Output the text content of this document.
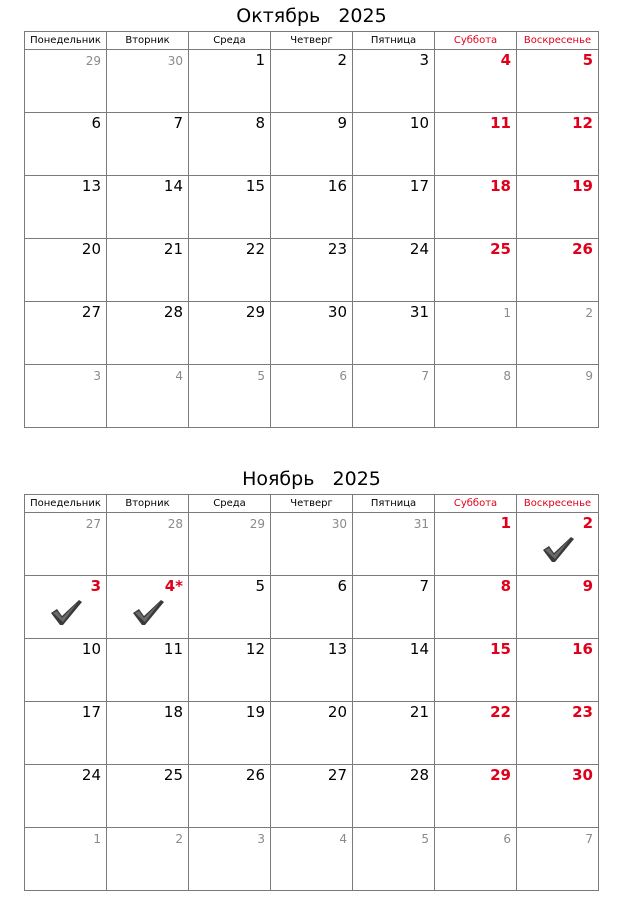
Октябрь   2025
Понедельник	Вторник	Среда	Четверг	Пятница	Суббота	Воскресенье
29	30	1	2	3	4	5
6	7	8	9	10	11	12
13	14	15	16	17	18	19
20	21	22	23	24	25	26
27	28	29	30	31	1	2
3	4	5	6	7	8	9
Ноябрь   2025
Понедельник	Вторник	Среда	Четверг	Пятница	Суббота	Воскресенье
27	28	29	30	31	1	2

3	4*	5	6	7	8	9
10	11	12	13	14	15	16
17	18	19	20	21	22	23
24	25	26	27	28	29	30
1	2	3	4	5	6	7
